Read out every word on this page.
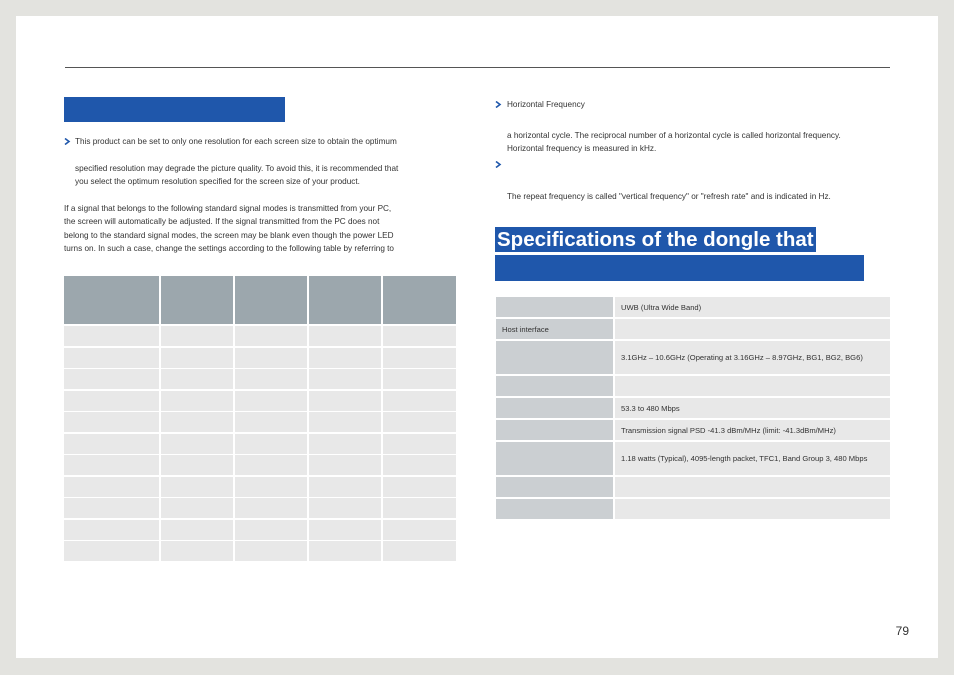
This product can be set to only one resolution for each screen size to obtain the optimum

specified resolution may degrade the picture quality. To avoid this, it is recommended that

you select the optimum resolution specified for the screen size of your product.

If a signal that belongs to the following standard signal modes is transmitted from your PC,

the screen will automatically be adjusted. If the signal transmitted from the PC does not

belong to the standard signal modes, the screen may be blank even though the power LED

turns on. In such a case, change the settings according to the following table by referring to

Horizontal Frequency

a horizontal cycle. The reciprocal number of a horizontal cycle is called horizontal frequency.

Horizontal frequency is measured in kHz.

The repeat frequency is called "vertical frequency" or "refresh rate" and is indicated in Hz.

Specifications of the dongle that
UWB (Ultra Wide Band)
Host interface
3.1GHz – 10.6GHz (Operating at 3.16GHz – 8.97GHz, BG1, BG2, BG6)
53.3 to 480 Mbps
Transmission signal PSD -41.3 dBm/MHz (limit: -41.3dBm/MHz)
1.18 watts (Typical), 4095-length packet, TFC1, Band Group 3, 480 Mbps
79
